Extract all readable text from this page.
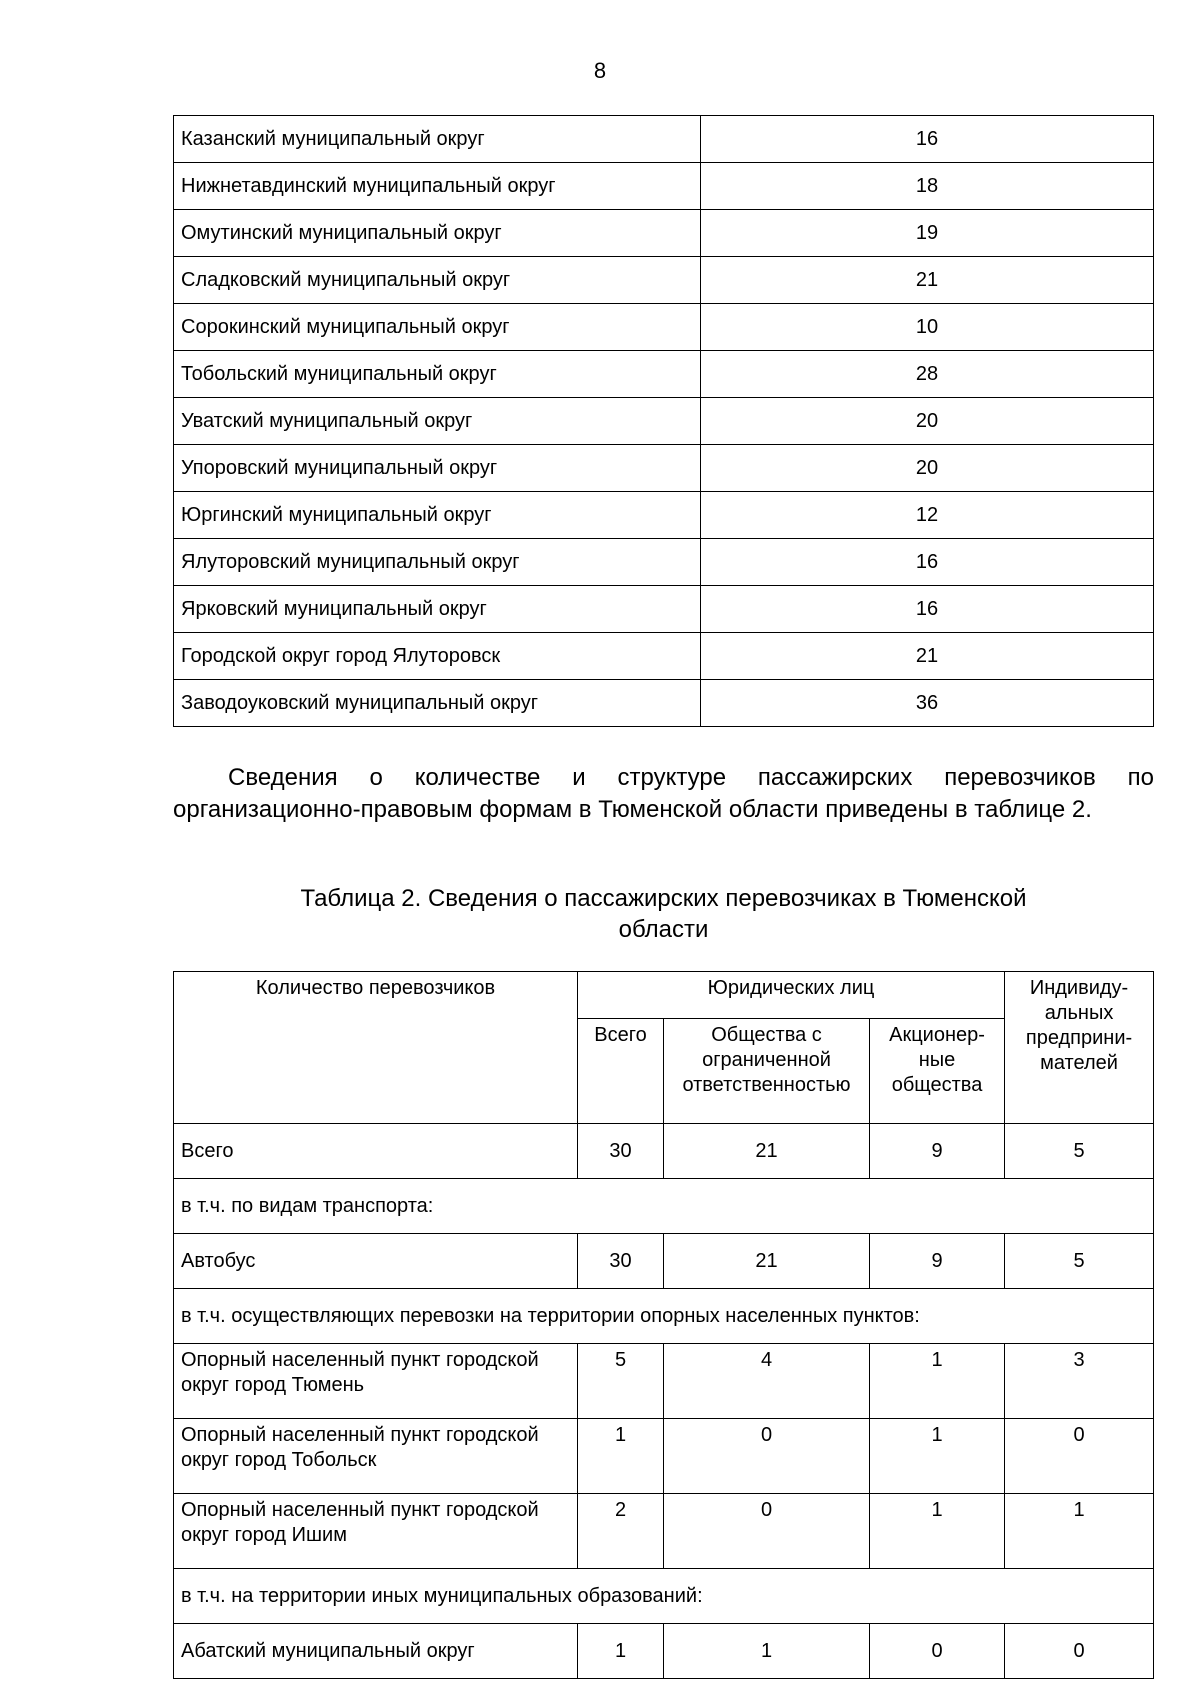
8
Казанский муниципальный округ	16
Нижнетавдинский муниципальный округ	18
Омутинский муниципальный округ	19
Сладковский муниципальный округ	21
Сорокинский муниципальный округ	10
Тобольский муниципальный округ	28
Уватский муниципальный округ	20
Упоровский муниципальный округ	20
Юргинский муниципальный округ	12
Ялуторовский муниципальный округ	16
Ярковский муниципальный округ	16
Городской округ город Ялуторовск	21
Заводоуковский муниципальный округ	36

Сведения о количестве и структуре пассажирских перевозчиков по организационно-правовым формам в Тюменской области приведены в таблице 2.

Таблица 2. Сведения о пассажирских перевозчиках в Тюменской
области

Количество перевозчиков	Юридических лиц			Индивиду-альных предприни-мателей
	Всего	Общества с ограниченной ответственностью	Акционер-ные общества	
Всего	30	21	9	5
в т.ч. по видам транспорта:				
Автобус	30	21	9	5
в т.ч. осуществляющих перевозки на территории опорных населенных пунктов:				
Опорный населенный пункт городской округ город Тюмень	5	4	1	3
Опорный населенный пункт городской округ город Тобольск	1	0	1	0
Опорный населенный пункт городской округ город Ишим	2	0	1	1
в т.ч. на территории иных муниципальных образований:				
Абатский муниципальный округ	1	1	0	0
